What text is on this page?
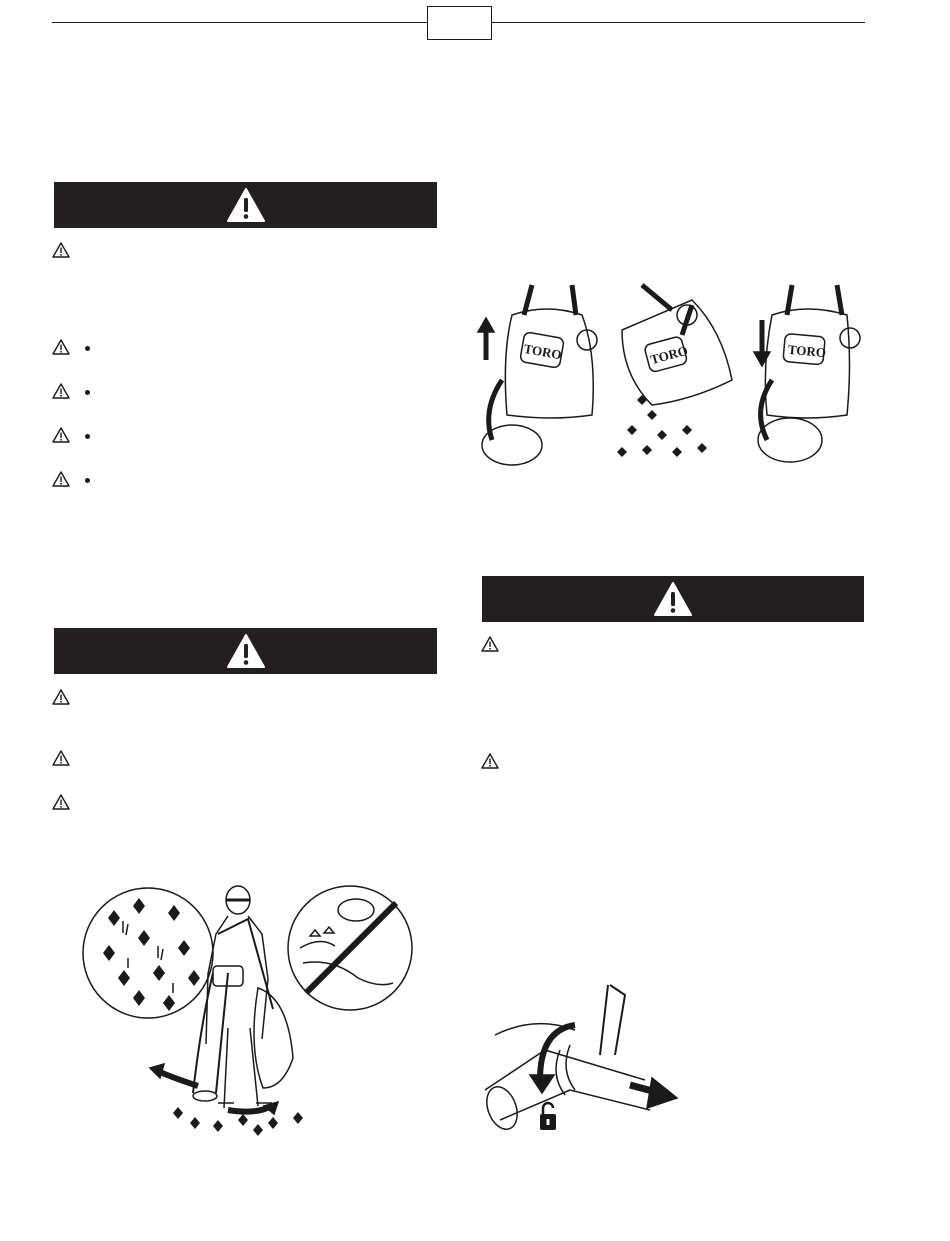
TORO	TORO	TORO
